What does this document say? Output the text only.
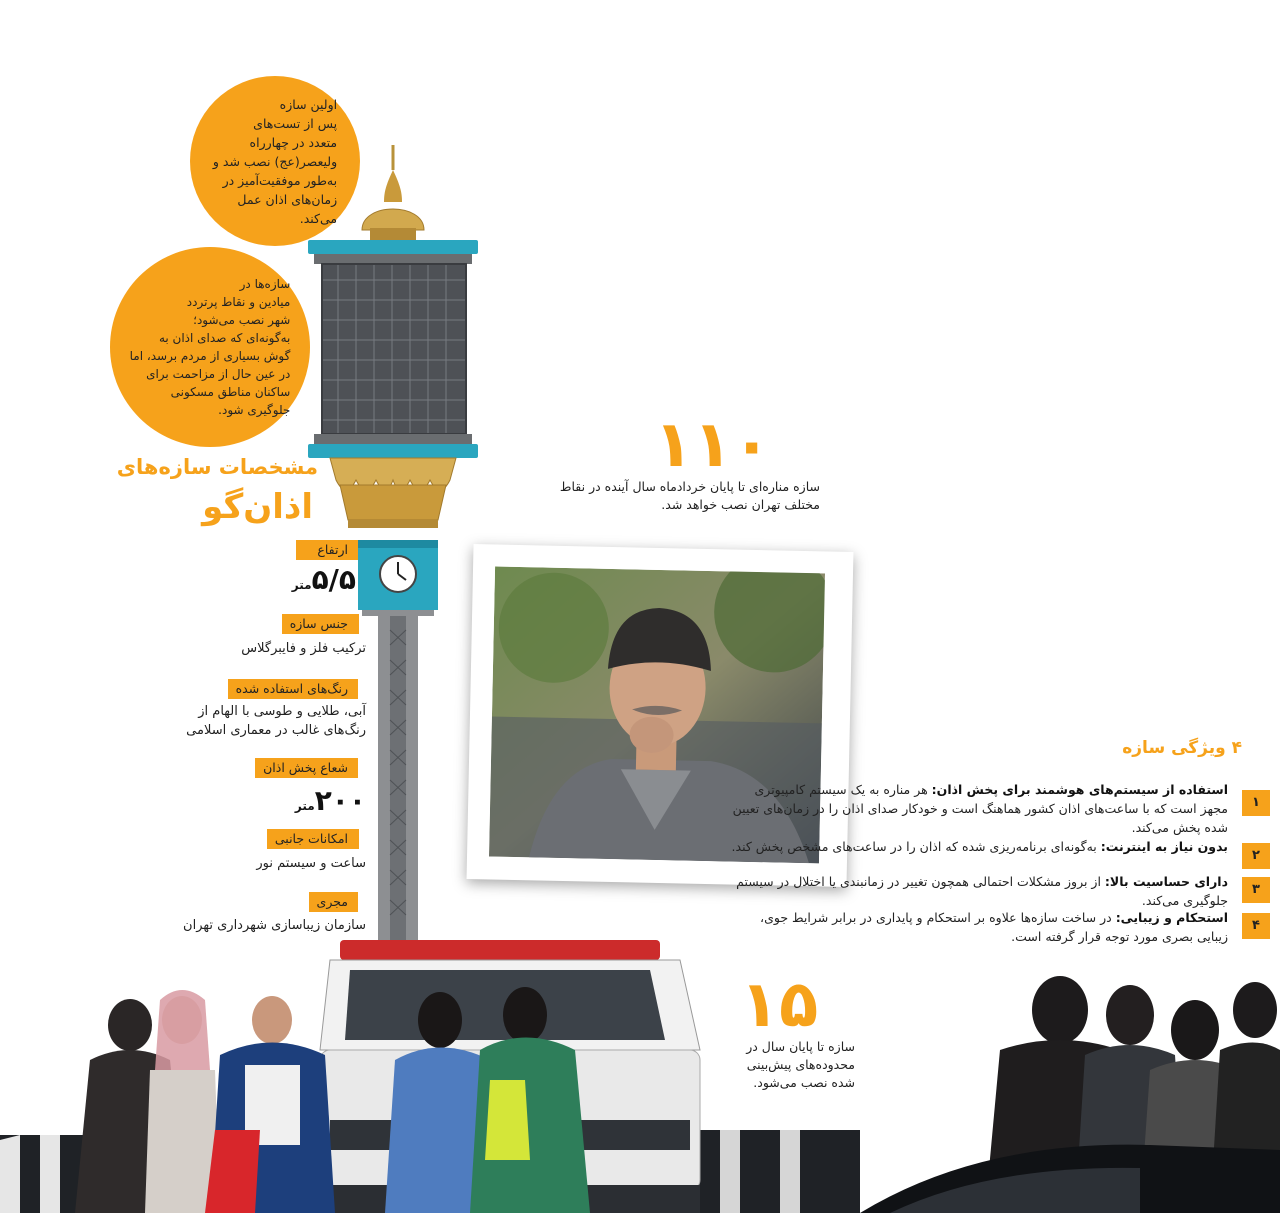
اولین سازه
پس از تست‌های
متعدد در چهارراه
ولیعصر(عج) نصب شد و
به‌طور موفقیت‌آمیز در
زمان‌های اذان عمل
می‌کند.
سازه‌ها در
میادین و نقاط پرتردد
شهر نصب می‌شود؛
به‌گونه‌ای که صدای اذان به
گوش بسیاری از مردم برسد، اما
در عین حال از مزاحمت برای
ساکنان مناطق مسکونی
جلوگیری شود.
مشخصات سازه‌های
اذان‌گو
ارتفاع
۵/۵متر
جنس سازه
ترکیب فلز و فایبرگلاس
رنگ‌های استفاده شده
آبی، طلایی و طوسی با الهام از
رنگ‌های غالب در معماری اسلامی
شعاع پخش اذان
۲۰۰متر
امکانات جانبی
ساعت و سیستم نور
مجری
سازمان زیباسازی شهرداری تهران
۱۱۰
سازه مناره‌ای تا پایان خردادماه سال آینده در نقاط
مختلف تهران نصب خواهد شد.
۱۵
سازه تا پایان سال در
محدوده‌های پیش‌بینی
شده نصب می‌شود.
۴ ویژگی سازه
۱
استفاده از سیستم‌های هوشمند برای پخش اذان: هر مناره به یک سیستم کامپیوتری مجهز است که با ساعت‌های اذان کشور هماهنگ است و خودکار صدای اذان را در زمان‌های تعیین شده پخش می‌کند.
۲
بدون نیاز به اینترنت: به‌گونه‌ای برنامه‌ریزی شده که اذان را در ساعت‌های مشخص پخش کند.
۳
دارای حساسیت بالا: از بروز مشکلات احتمالی همچون تغییر در زمانبندی یا اختلال در سیستم جلوگیری می‌کند.
۴
استحکام و زیبایی: در ساخت سازه‌ها علاوه بر استحکام و پایداری در برابر شرایط جوی، زیبایی بصری مورد توجه قرار گرفته است.
